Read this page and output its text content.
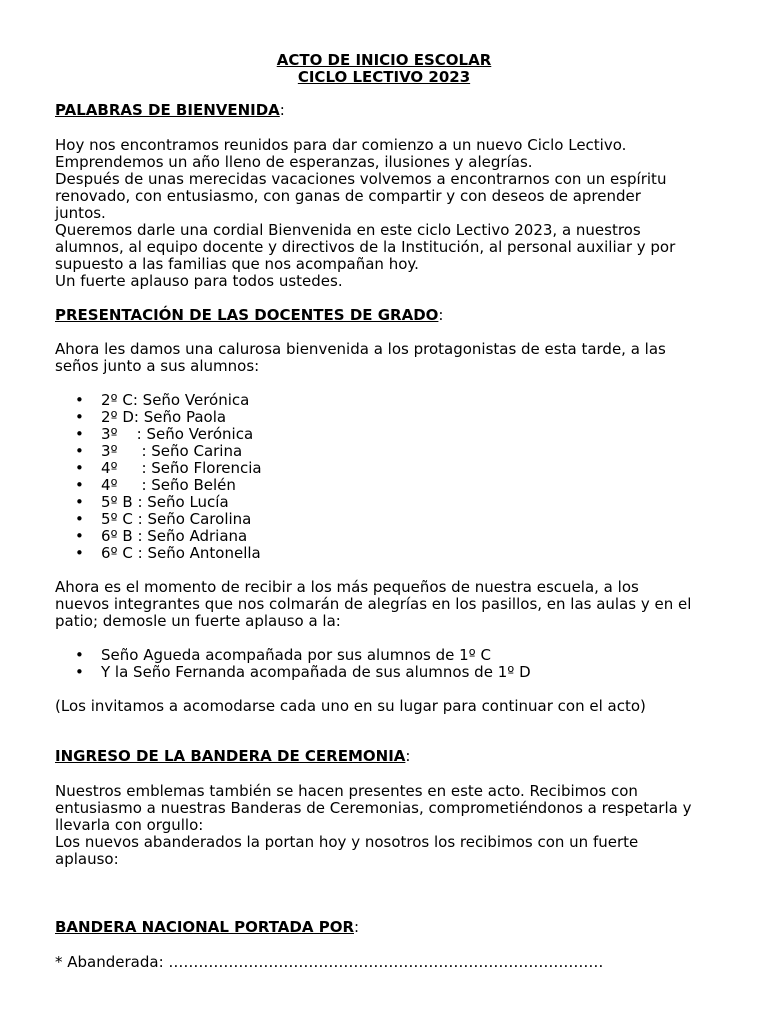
ACTO DE INICIO ESCOLAR
CICLO LECTIVO 2023
PALABRAS DE BIENVENIDA:
Hoy nos encontramos reunidos para dar comienzo a un nuevo Ciclo Lectivo.
Emprendemos un año lleno de esperanzas, ilusiones y alegrías.
Después de unas merecidas vacaciones volvemos a encontrarnos con un espíritu
renovado, con entusiasmo, con ganas de compartir y con deseos de aprender
juntos.
Queremos darle una cordial Bienvenida en este ciclo Lectivo 2023, a nuestros
alumnos, al equipo docente y directivos de la Institución, al personal auxiliar y por
supuesto a las familias que nos acompañan hoy.
Un fuerte aplauso para todos ustedes.
PRESENTACIÓN DE LAS DOCENTES DE GRADO:
Ahora les damos una calurosa bienvenida a los protagonistas de esta tarde, a las
seños junto a sus alumnos:
• 2º C: Seño Verónica
• 2º D: Seño Paola
• 3º    : Seño Verónica
• 3º     : Seño Carina
• 4º     : Seño Florencia
• 4º     : Seño Belén
• 5º B : Seño Lucía
• 5º C : Seño Carolina
• 6º B : Seño Adriana
• 6º C : Seño Antonella
Ahora es el momento de recibir a los más pequeños de nuestra escuela, a los
nuevos integrantes que nos colmarán de alegrías en los pasillos, en las aulas y en el
patio; demosle un fuerte aplauso a la:
• Seño Agueda acompañada por sus alumnos de 1º C
• Y la Seño Fernanda acompañada de sus alumnos de 1º D
(Los invitamos a acomodarse cada uno en su lugar para continuar con el acto)
INGRESO DE LA BANDERA DE CEREMONIA:
Nuestros emblemas también se hacen presentes en este acto. Recibimos con
entusiasmo a nuestras Banderas de Ceremonias, comprometiéndonos a respetarla y
llevarla con orgullo:
Los nuevos abanderados la portan hoy y nosotros los recibimos con un fuerte
aplauso:
BANDERA NACIONAL PORTADA POR:
* Abanderada: ……………………………………………………………………………
